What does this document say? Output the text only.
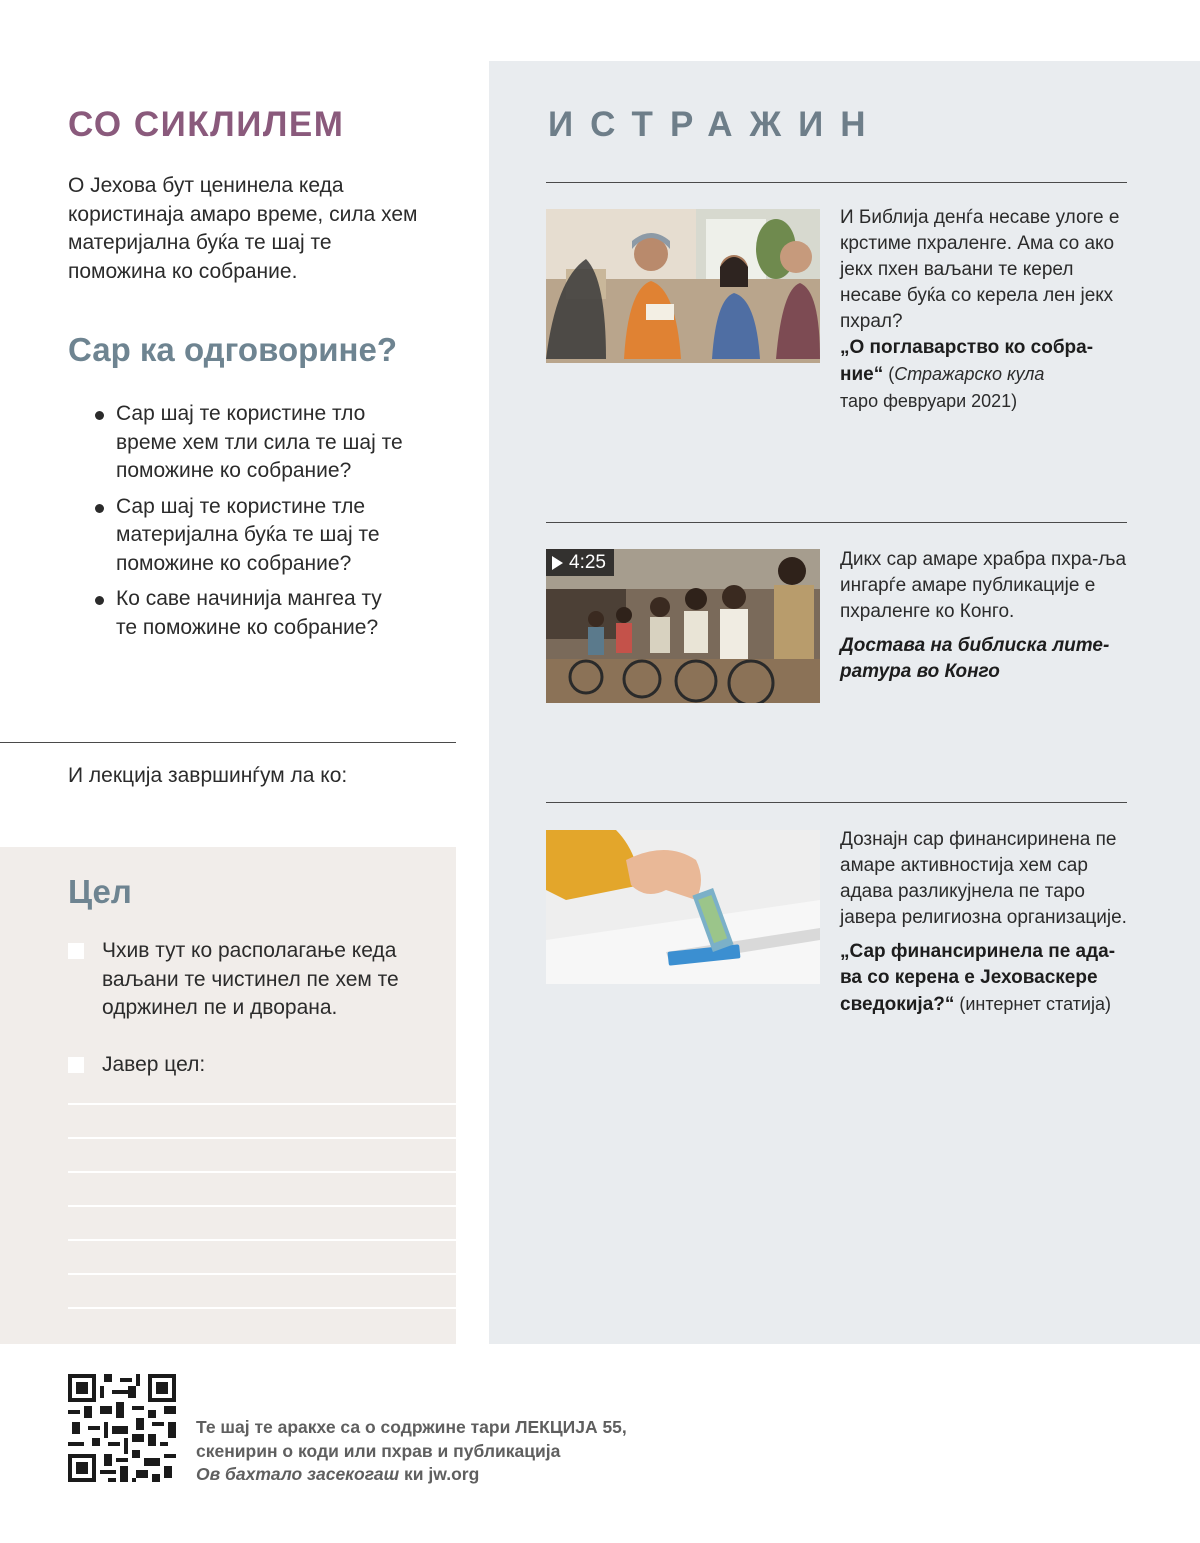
СО СИКЛИЛЕМ

О Јехова бут ценинела кеда користинаја амаро време, сила хем материјална буќа те шај те поможина ко собрание.

Сар ка одговорине?
Сар шај те користине тло време хем тли сила те шај те поможине ко собрание?
Сар шај те користине тле материјална буќа те шај те поможине ко собрание?
Ко саве начинија мангеа ту те поможине ко собрание?
И лекција завршинѓум ла ко:
Цел
Чхив тут ко располагање кеда ваљани те чистинел пе хем те одржинел пе и дворана.
Јавер цел:
ИСТРАЖИН
И Библија денѓа несаве улоге е крстиме пхраленге. Ама со ако јекх пхен ваљани те керел несаве буќа со керела лен јекх пхрал?
„О поглаварство ко собра-
ние“ (Стражарско кула
таро февруари 2021)
4:25	Дикх сар амаре храбра пхра-ља ингарѓе амаре публикације е пхраленге ко Конго.
Достава на библиска лите-
ратура во Конго
Дознајн сар финансиринена пе амаре активностија хем сар адава разликујнела пе таро јавера религиозна организације.
„Сар финансиринела пе ада-
ва со керена е Јеховаскере
сведокија?“ (интернет статија)
Те шај те аракхе са о содржине тари ЛЕКЦИЈА 55,
скенирин о коди или пхрав и публикација
Ов бахтало засекогаш ки jw.org
